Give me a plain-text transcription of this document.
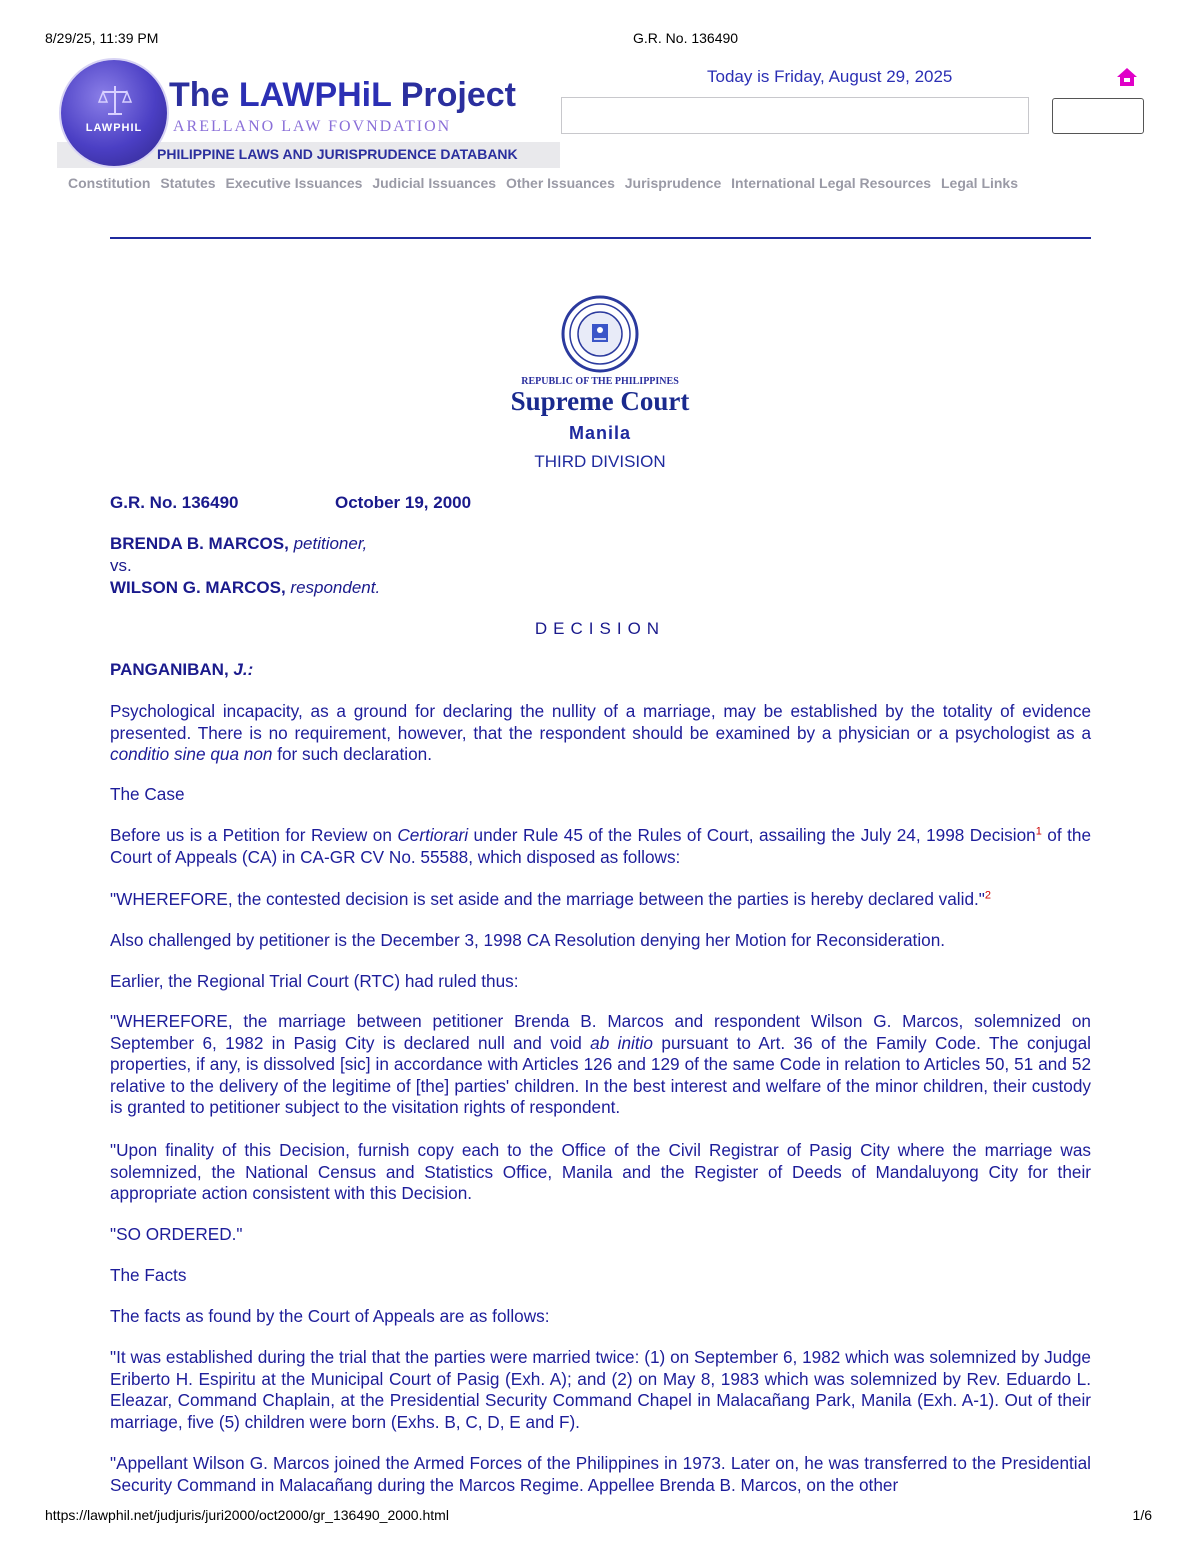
8/29/25, 11:39 PM	G.R. No. 136490
PHILIPPINE LAWS AND JURISPRUDENCE DATABANK
LAWPHIL
The LAWPHiL Project
ARELLANO LAW FOVNDATION
Today is Friday, August 29, 2025
Constitution Statutes Executive Issuances Judicial Issuances Other Issuances Jurisprudence International Legal Resources Legal Links
REPUBLIC OF THE PHILIPPINES
Supreme Court
Manila
THIRD DIVISION
G.R. No. 136490	October 19, 2000
BRENDA B. MARCOS, petitioner,
vs.
WILSON G. MARCOS, respondent.
DECISION
PANGANIBAN, J.:
Psychological incapacity, as a ground for declaring the nullity of a marriage, may be established by the totality of evidence presented. There is no requirement, however, that the respondent should be examined by a physician or a psychologist as a conditio sine qua non for such declaration.
The Case
Before us is a Petition for Review on Certiorari under Rule 45 of the Rules of Court, assailing the July 24, 1998 Decision$^1$ of the Court of Appeals (CA) in CA-GR CV No. 55588, which disposed as follows:
"WHEREFORE, the contested decision is set aside and the marriage between the parties is hereby declared valid."$^2$
Also challenged by petitioner is the December 3, 1998 CA Resolution denying her Motion for Reconsideration.
Earlier, the Regional Trial Court (RTC) had ruled thus:
"WHEREFORE, the marriage between petitioner Brenda B. Marcos and respondent Wilson G. Marcos, solemnized on September 6, 1982 in Pasig City is declared null and void ab initio pursuant to Art. 36 of the Family Code. The conjugal properties, if any, is dissolved [sic] in accordance with Articles 126 and 129 of the same Code in relation to Articles 50, 51 and 52 relative to the delivery of the legitime of [the] parties' children. In the best interest and welfare of the minor children, their custody is granted to petitioner subject to the visitation rights of respondent.
"Upon finality of this Decision, furnish copy each to the Office of the Civil Registrar of Pasig City where the marriage was solemnized, the National Census and Statistics Office, Manila and the Register of Deeds of Mandaluyong City for their appropriate action consistent with this Decision.
"SO ORDERED."
The Facts
The facts as found by the Court of Appeals are as follows:
"It was established during the trial that the parties were married twice: (1) on September 6, 1982 which was solemnized by Judge Eriberto H. Espiritu at the Municipal Court of Pasig (Exh. A); and (2) on May 8, 1983 which was solemnized by Rev. Eduardo L. Eleazar, Command Chaplain, at the Presidential Security Command Chapel in Malacañang Park, Manila (Exh. A-1). Out of their marriage, five (5) children were born (Exhs. B, C, D, E and F).
"Appellant Wilson G. Marcos joined the Armed Forces of the Philippines in 1973. Later on, he was transferred to the Presidential Security Command in Malacañang during the Marcos Regime. Appellee Brenda B. Marcos, on the other
https://lawphil.net/judjuris/juri2000/oct2000/gr_136490_2000.html	1/6
